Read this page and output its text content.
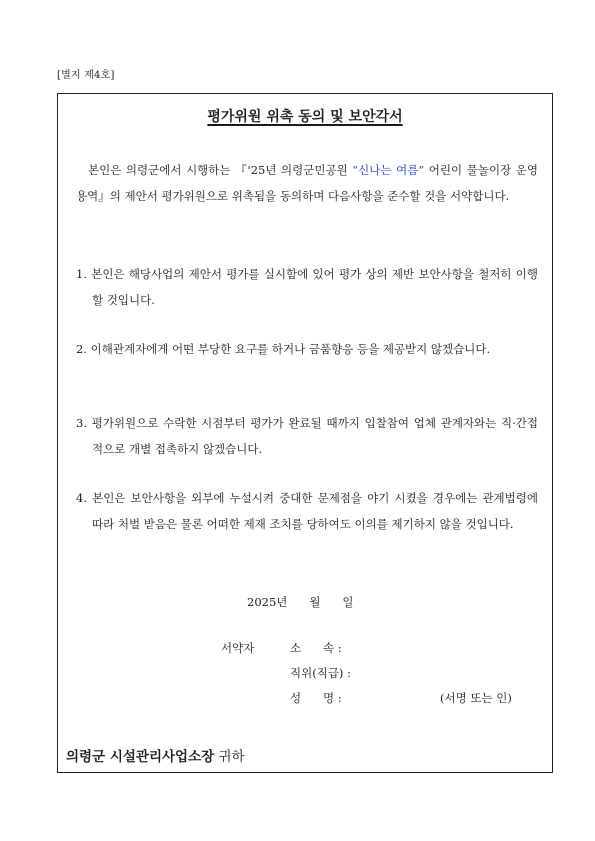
[별지 제4호]
평가위원 위촉 동의 및 보안각서

본인은 의령군에서 시행하는 『'25년 의령군민공원 “신나는 여름” 어린이 물놀이장 운영 용역』의 제안서 평가위원으로 위촉됨을 동의하며 다음사항을 준수할 것을 서약합니다.

1. 본인은 해당사업의 제안서 평가를 실시함에 있어 평가 상의 제반 보안사항을 철저히 이행할 것입니다.

2. 이해관계자에게 어떤 부당한 요구를 하거나 금품향응 등을 제공받지 않겠습니다.

3. 평가위원으로 수락한 시점부터 평가가 완료될 때까지 입찰참여 업체 관계자와는 직·간접적으로 개별 접촉하지 않겠습니다.

4. 본인은 보안사항을 외부에 누설시켜 중대한 문제점을 야기 시켰을 경우에는 관계법령에 따라 처벌 받음은 물론 어떠한 제재 조치를 당하여도 이의를 제기하지 않을 것입니다.

2025년 월 일
서약자	소      속 :
직위(직급) :
성      명 :	(서명 또는 인)
의령군 시설관리사업소장 귀하
